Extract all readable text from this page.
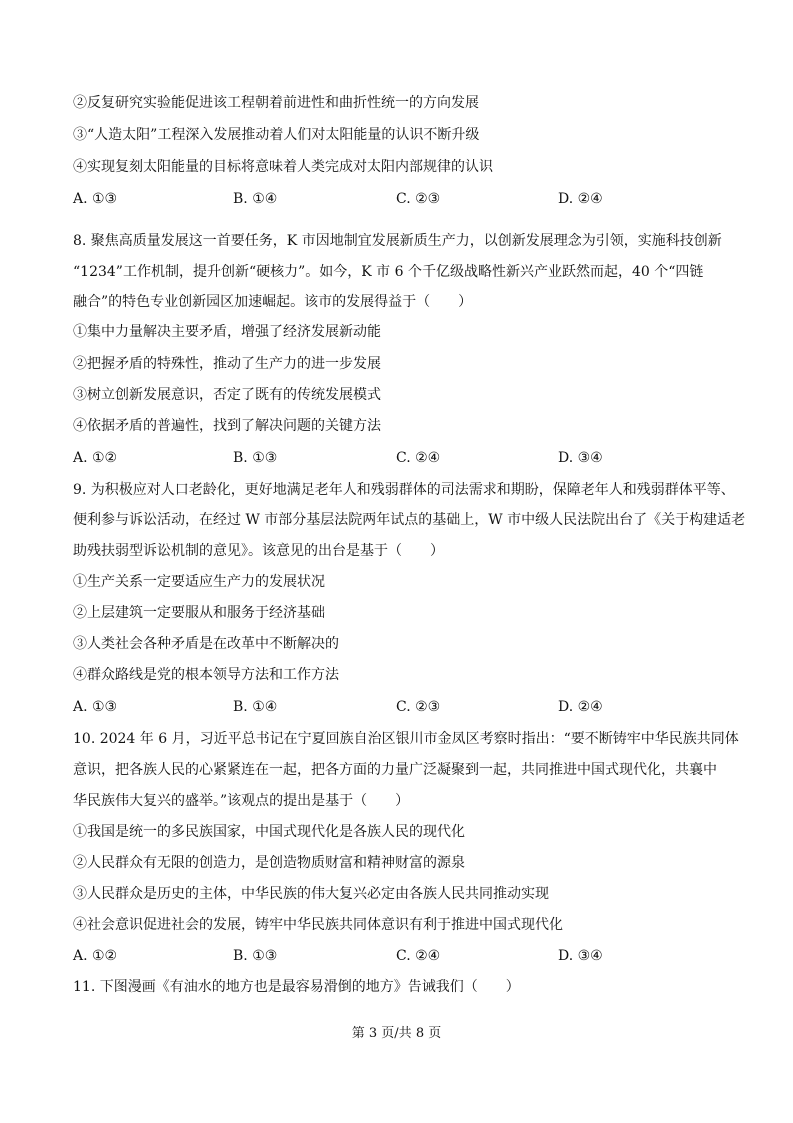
②反复研究实验能促进该工程朝着前进性和曲折性统一的方向发展
③“人造太阳”工程深入发展推动着人们对太阳能量的认识不断升级
④实现复刻太阳能量的目标将意味着人类完成对太阳内部规律的认识
A. ①③	B. ①④	C. ②③	D. ②④
8. 聚焦高质量发展这一首要任务，K 市因地制宜发展新质生产力，以创新发展理念为引领，实施科技创新
“1234”工作机制，提升创新“硬核力”。如今，K 市 6 个千亿级战略性新兴产业跃然而起，40 个“四链
融合”的特色专业创新园区加速崛起。该市的发展得益于（　　）
①集中力量解决主要矛盾，增强了经济发展新动能
②把握矛盾的特殊性，推动了生产力的进一步发展
③树立创新发展意识，否定了既有的传统发展模式
④依据矛盾的普遍性，找到了解决问题的关键方法
A. ①②	B. ①③	C. ②④	D. ③④
9. 为积极应对人口老龄化，更好地满足老年人和残弱群体的司法需求和期盼，保障老年人和残弱群体平等、
便利参与诉讼活动，在经过 W 市部分基层法院两年试点的基础上，W 市中级人民法院出台了《关于构建适老
助残扶弱型诉讼机制的意见》。该意见的出台是基于（　　）
①生产关系一定要适应生产力的发展状况
②上层建筑一定要服从和服务于经济基础
③人类社会各种矛盾是在改革中不断解决的
④群众路线是党的根本领导方法和工作方法
A. ①③	B. ①④	C. ②③	D. ②④
10. 2024 年 6 月，习近平总书记在宁夏回族自治区银川市金凤区考察时指出：“要不断铸牢中华民族共同体
意识，把各族人民的心紧紧连在一起，把各方面的力量广泛凝聚到一起，共同推进中国式现代化，共襄中
华民族伟大复兴的盛举。”该观点的提出是基于（　　）
①我国是统一的多民族国家，中国式现代化是各族人民的现代化
②人民群众有无限的创造力，是创造物质财富和精神财富的源泉
③人民群众是历史的主体，中华民族的伟大复兴必定由各族人民共同推动实现
④社会意识促进社会的发展，铸牢中华民族共同体意识有利于推进中国式现代化
A. ①②	B. ①③	C. ②④	D. ③④
11. 下图漫画《有油水的地方也是最容易滑倒的地方》告诫我们（　　）
第 3 页/共 8 页
